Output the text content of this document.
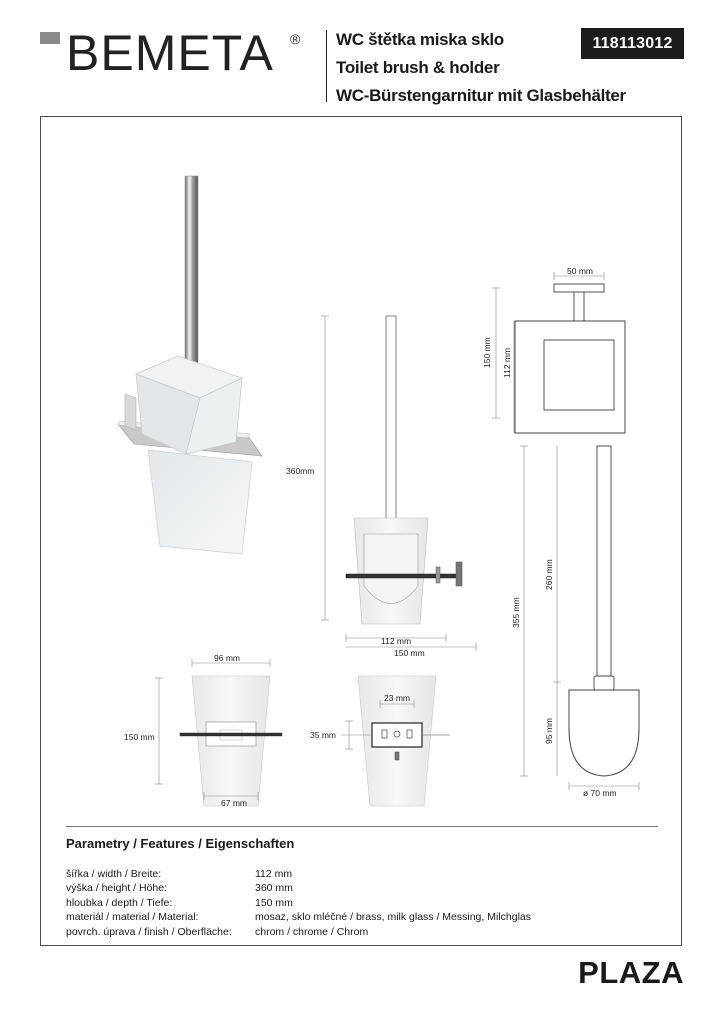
BEMETA ® WC štětka miska sklo
Toilet brush & holder
WC-Bürstengarnitur mit Glasbehälter
118113012
360mm
112 mm
150 mm
50 mm
150 mm 112 mm
355 mm
260 mm
95 mm
ø 70 mm
96 mm
150 mm
67 mm
23 mm
35 mm
Parametry / Features / Eigenschaften
šířka / width / Breite:	112 mm
výška / height / Höhe:	360 mm
hloubka / depth / Tiefe:	150 mm
materiál / material / Material:	mosaz, sklo mléčné / brass, milk glass / Messing, Milchglas
povrch. úprava / finish / Oberfläche: chrom / chrome / Chrom
PLAZA
